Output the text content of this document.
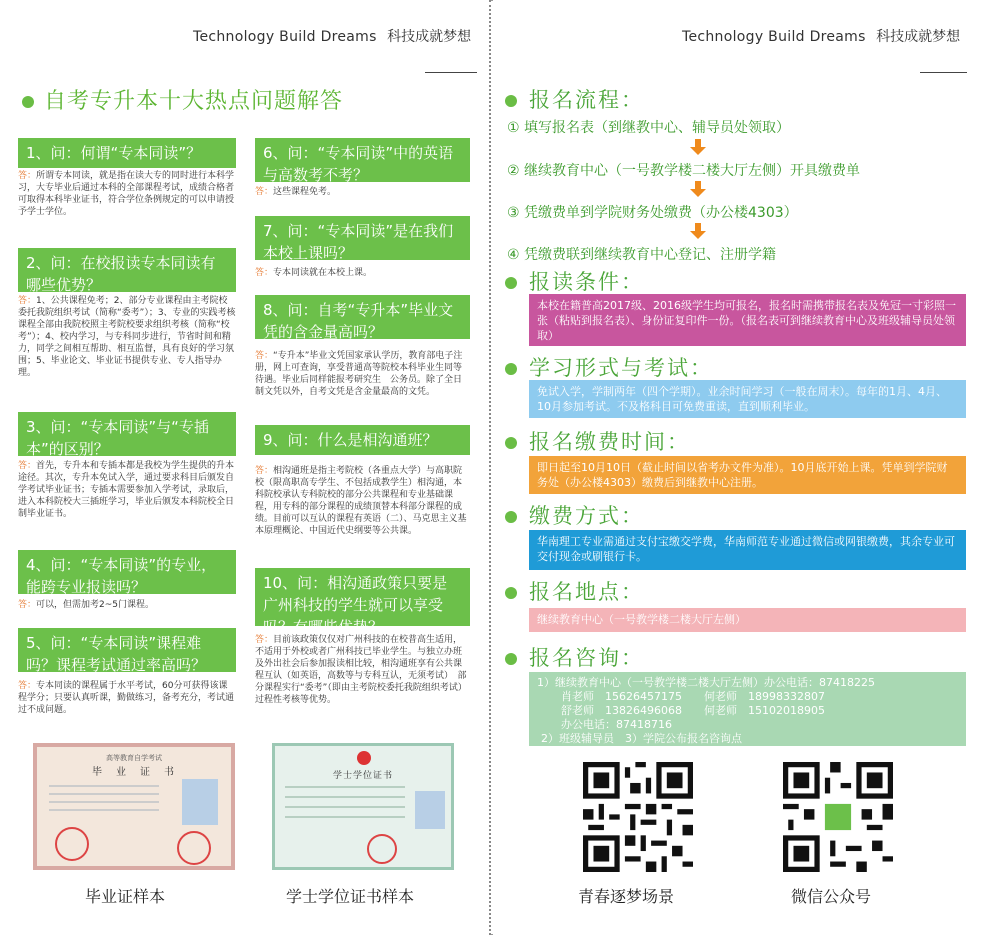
Technology Build Dreams 科技成就梦想
自考专升本十大热点问题解答
1、问：何谓“专本同读”？
答：所谓专本同读，就是指在读大专的同时进行本科学习，大专毕业后通过本科的全部课程考试，成绩合格者可取得本科毕业证书，符合学位条例规定的可以申请授予学士学位。
2、问：在校报读专本同读有哪些优势？
答：1、公共课程免考；2、部分专业课程由主考院校委托我院组织考试（简称“委考”）；3、专业的实践考核课程全部由我院校照主考院校要求组织考核（简称“校考”）；4、校内学习，与专科同步进行，节省时间和精力，同学之间相互帮助、相互监督，具有良好的学习氛围；5、毕业论文、毕业证书提供专业、专人指导办理。
3、问：“专本同读”与“专插本”的区别？
答：首先，专升本和专插本都是我校为学生提供的升本途径。其次，专升本免试入学，通过要求科目后颁发自学考试毕业证书；专插本需要参加入学考试，录取后，进入本科院校大三插班学习，毕业后颁发本科院校全日制毕业证书。
4、问：“专本同读”的专业，能跨专业报读吗？
答：可以，但需加考2~5门课程。
5、问：“专本同读”课程难吗？课程考试通过率高吗？
答：专本同读的课程属于水平考试，60分可获得该课程学分；只要认真听课，勤做练习，备考充分，考试通过不成问题。
6、问：“专本同读”中的英语与高数考不考？
答：这些课程免考。
7、问：“专本同读”是在我们本校上课吗？
答：专本同读就在本校上课。
8、问：自考“专升本”毕业文凭的含金量高吗？
答：“专升本”毕业文凭国家承认学历，教育部电子注册，网上可查询，享受普通高等院校本科毕业生同等待遇。毕业后同样能报考研究生　公务员。除了全日制文凭以外，自考文凭是含金量最高的文凭。
9、问：什么是相沟通班？
答：相沟通班是指主考院校（各重点大学）与高职院校（限高职高专学生、不包括成教学生）相沟通，本科院校承认专科院校的部分公共课程和专业基础课程，用专科的部分课程的成绩顶替本科部分课程的成绩。目前可以互认的课程有英语（二）、马克思主义基本原理概论、中国近代史纲要等公共课。
10、问：相沟通政策只要是广州科技的学生就可以享受吗？有哪些优势？
答：目前该政策仅仅对广州科技的在校普高生适用，不适用于外校或者广州科技已毕业学生。与独立办班及外出社会后参加报读相比较，相沟通班享有公共课程互认（如英语，高数等与专科互认，无须考试）　部分课程实行“委考”（即由主考院校委托我院组织考试）　过程性考核等优势。
高等教育自学考试
毕　业　证　书
毕业证样本
学士学位证书
学士学位证书样本
Technology Build Dreams 科技成就梦想
报名流程：
① 填写报名表（到继教中心、辅导员处领取）
② 继续教育中心（一号教学楼二楼大厅左侧）开具缴费单
③ 凭缴费单到学院财务处缴费（办公楼4303）
④ 凭缴费联到继续教育中心登记、注册学籍
报读条件：
本校在籍普高2017级、2016级学生均可报名，报名时需携带报名表及免冠一寸彩照一张（粘贴到报名表）、身份证复印件一份。（报名表可到继续教育中心及班级辅导员处领取）
学习形式与考试：
免试入学，学制两年（四个学期）。业余时间学习（一般在周末）。每年的1月、4月、10月参加考试。不及格科目可免费重读，直到顺利毕业。
报名缴费时间：
即日起至10月10日（截止时间以省考办文件为准）。10月底开始上课。凭单到学院财务处（办公楼4303）缴费后到继教中心注册。
缴费方式：
华南理工专业需通过支付宝缴交学费，华南师范专业通过微信或网银缴费，其余专业可交付现金或刷银行卡。
报名地点：
继续教育中心（一号教学楼二楼大厅左侧）
报名咨询：
1）继续教育中心（一号教学楼二楼大厅左侧）办公电话：87418225
肖老师　15626457175　　何老师　18998332807
舒老师　13826496068　　何老师　15102018905
办公电话：87418716
2）班级辅导员　3）学院公布报名咨询点
青春逐梦场景	微信公众号
